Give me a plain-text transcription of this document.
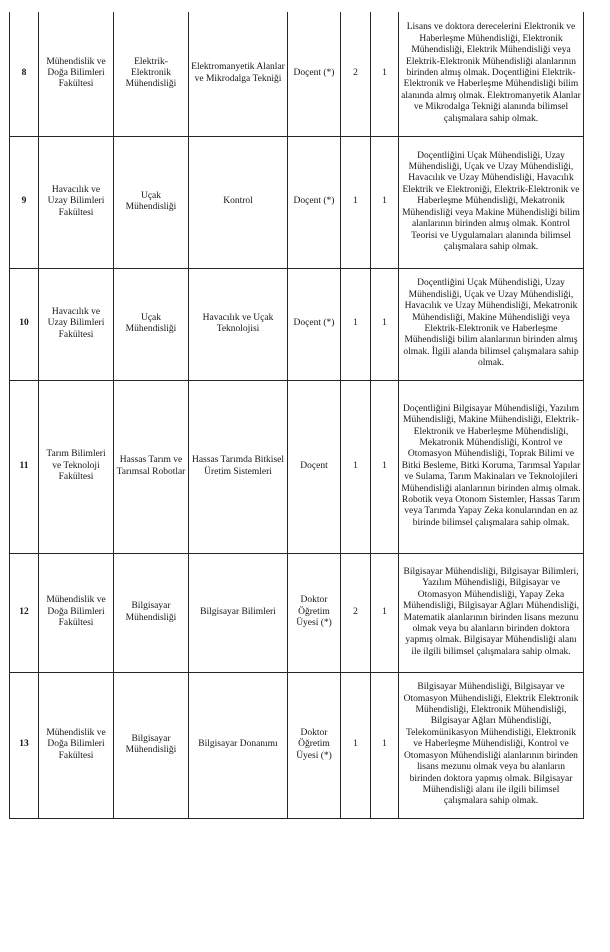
8	Mühendislik ve Doğa Bilimleri Fakültesi	Elektrik-Elektronik Mühendisliği	Elektromanyetik Alanlar ve Mikrodalga Tekniği	Doçent (*)	2	1	Lisans ve doktora derecelerini Elektronik ve Haberleşme Mühendisliği, Elektronik Mühendisliği, Elektrik Mühendisliği veya Elektrik-Elektronik Mühendisliği alanlarının birinden almış olmak. Doçentliğini Elektrik-Elektronik ve Haberleşme Mühendisliği bilim alanında almış olmak. Elektromanyetik Alanlar ve Mikrodalga Tekniği alanında bilimsel çalışmalara sahip olmak.
9	Havacılık ve Uzay Bilimleri Fakültesi	Uçak Mühendisliği	Kontrol	Doçent (*)	1	1	Doçentliğini Uçak Mühendisliği, Uzay Mühendisliği, Uçak ve Uzay Mühendisliği, Havacılık ve Uzay Mühendisliği, Havacılık Elektrik ve Elektroniği, Elektrik-Elektronik ve Haberleşme Mühendisliği, Mekatronik Mühendisliği veya Makine Mühendisliği bilim alanlarının birinden almış olmak. Kontrol Teorisi ve Uygulamaları alanında bilimsel çalışmalara sahip olmak.
10	Havacılık ve Uzay Bilimleri Fakültesi	Uçak Mühendisliği	Havacılık ve Uçak Teknolojisi	Doçent (*)	1	1	Doçentliğini Uçak Mühendisliği, Uzay Mühendisliği, Uçak ve Uzay Mühendisliği, Havacılık ve Uzay Mühendisliği, Mekatronik Mühendisliği, Makine Mühendisliği veya Elektrik-Elektronik ve Haberleşme Mühendisliği bilim alanlarının birinden almış olmak. İlgili alanda bilimsel çalışmalara sahip olmak.
11	Tarım Bilimleri ve Teknoloji Fakültesi	Hassas Tarım ve Tarımsal Robotlar	Hassas Tarımda Bitkisel Üretim Sistemleri	Doçent	1	1	Doçentliğini Bilgisayar Mühendisliği, Yazılım Mühendisliği, Makine Mühendisliği, Elektrik-Elektronik ve Haberleşme Mühendisliği, Mekatronik Mühendisliği, Kontrol ve Otomasyon Mühendisliği, Toprak Bilimi ve Bitki Besleme, Bitki Koruma, Tarımsal Yapılar ve Sulama, Tarım Makinaları ve Teknolojileri Mühendisliği alanlarının birinden almış olmak. Robotik veya Otonom Sistemler, Hassas Tarım veya Tarımda Yapay Zeka konularından en az birinde bilimsel çalışmalara sahip olmak.
12	Mühendislik ve Doğa Bilimleri Fakültesi	Bilgisayar Mühendisliği	Bilgisayar Bilimleri	Doktor Öğretim Üyesi (*)	2	1	Bilgisayar Mühendisliği, Bilgisayar Bilimleri, Yazılım Mühendisliği, Bilgisayar ve Otomasyon Mühendisliği, Yapay Zeka Mühendisliği, Bilgisayar Ağları Mühendisliği, Matematik alanlarının birinden lisans mezunu olmak veya bu alanların birinden doktora yapmış olmak. Bilgisayar Mühendisliği alanı ile ilgili bilimsel çalışmalara sahip olmak.
13	Mühendislik ve Doğa Bilimleri Fakültesi	Bilgisayar Mühendisliği	Bilgisayar Donanımı	Doktor Öğretim Üyesi (*)	1	1	Bilgisayar Mühendisliği, Bilgisayar ve Otomasyon Mühendisliği, Elektrik Elektronik Mühendisliği, Elektronik Mühendisliği, Bilgisayar Ağları Mühendisliği, Telekomünikasyon Mühendisliği, Elektronik ve Haberleşme Mühendisliği, Kontrol ve Otomasyon Mühendisliği alanlarının birinden lisans mezunu olmak veya bu alanların birinden doktora yapmış olmak. Bilgisayar Mühendisliği alanı ile ilgili bilimsel çalışmalara sahip olmak.
